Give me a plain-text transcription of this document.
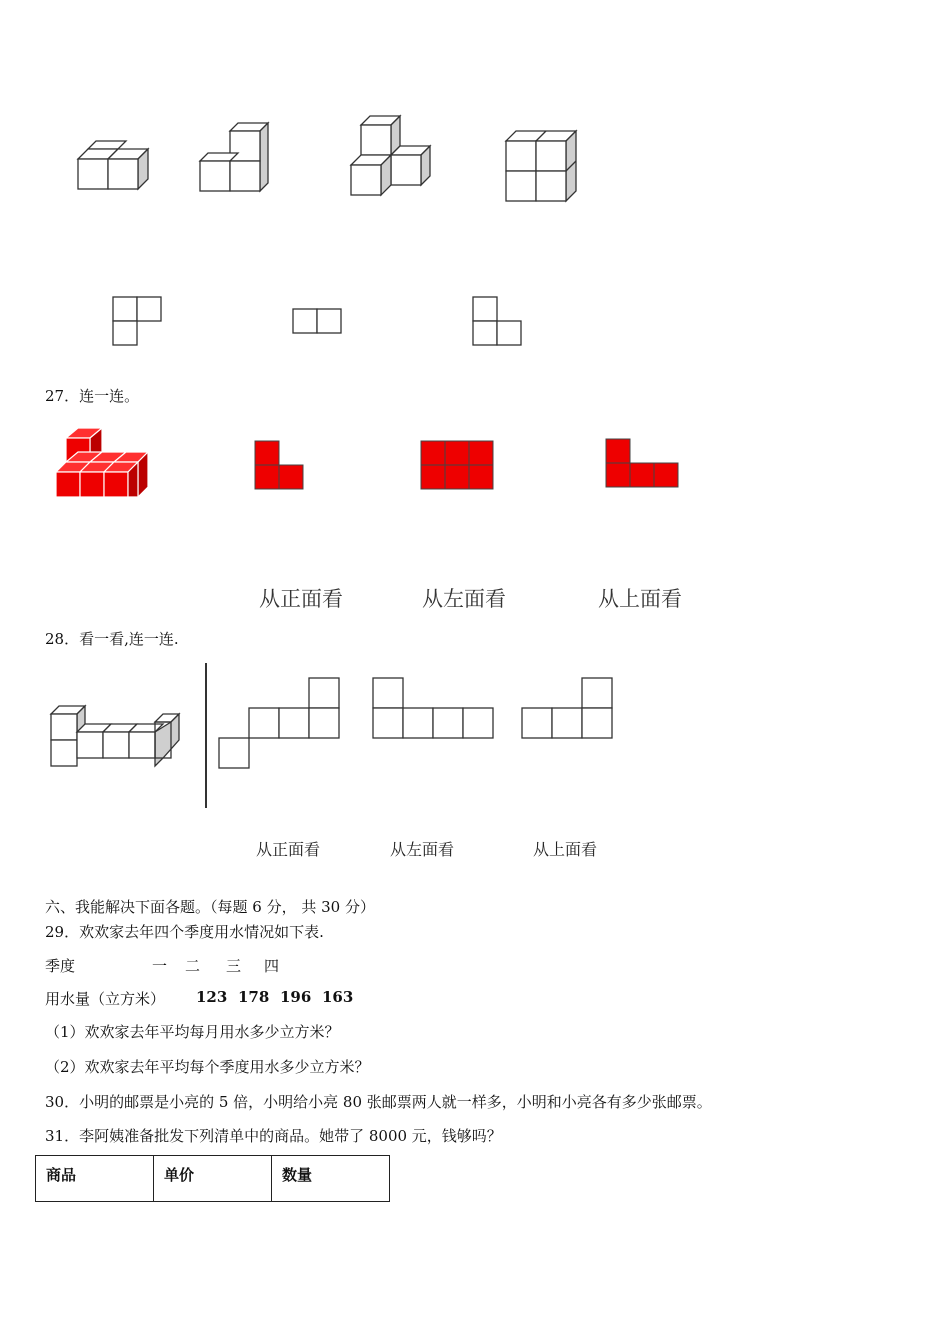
27．连一连。
从正面看	从左面看	从上面看
28．看一看,连一连.
从正面看	从左面看	从上面看
六、我能解决下面各题。（每题 6 分， 共 30 分）
29．欢欢家去年四个季度用水情况如下表.
季度	一 二 三 四
用水量（立方米） 123 178 196 163
（1）欢欢家去年平均每月用水多少立方米？
（2）欢欢家去年平均每个季度用水多少立方米？
30．小明的邮票是小亮的 5 倍，小明给小亮 80 张邮票两人就一样多，小明和小亮各有多少张邮票。
31．李阿姨准备批发下列清单中的商品。她带了 8000 元，钱够吗？
商品	单价	数量
